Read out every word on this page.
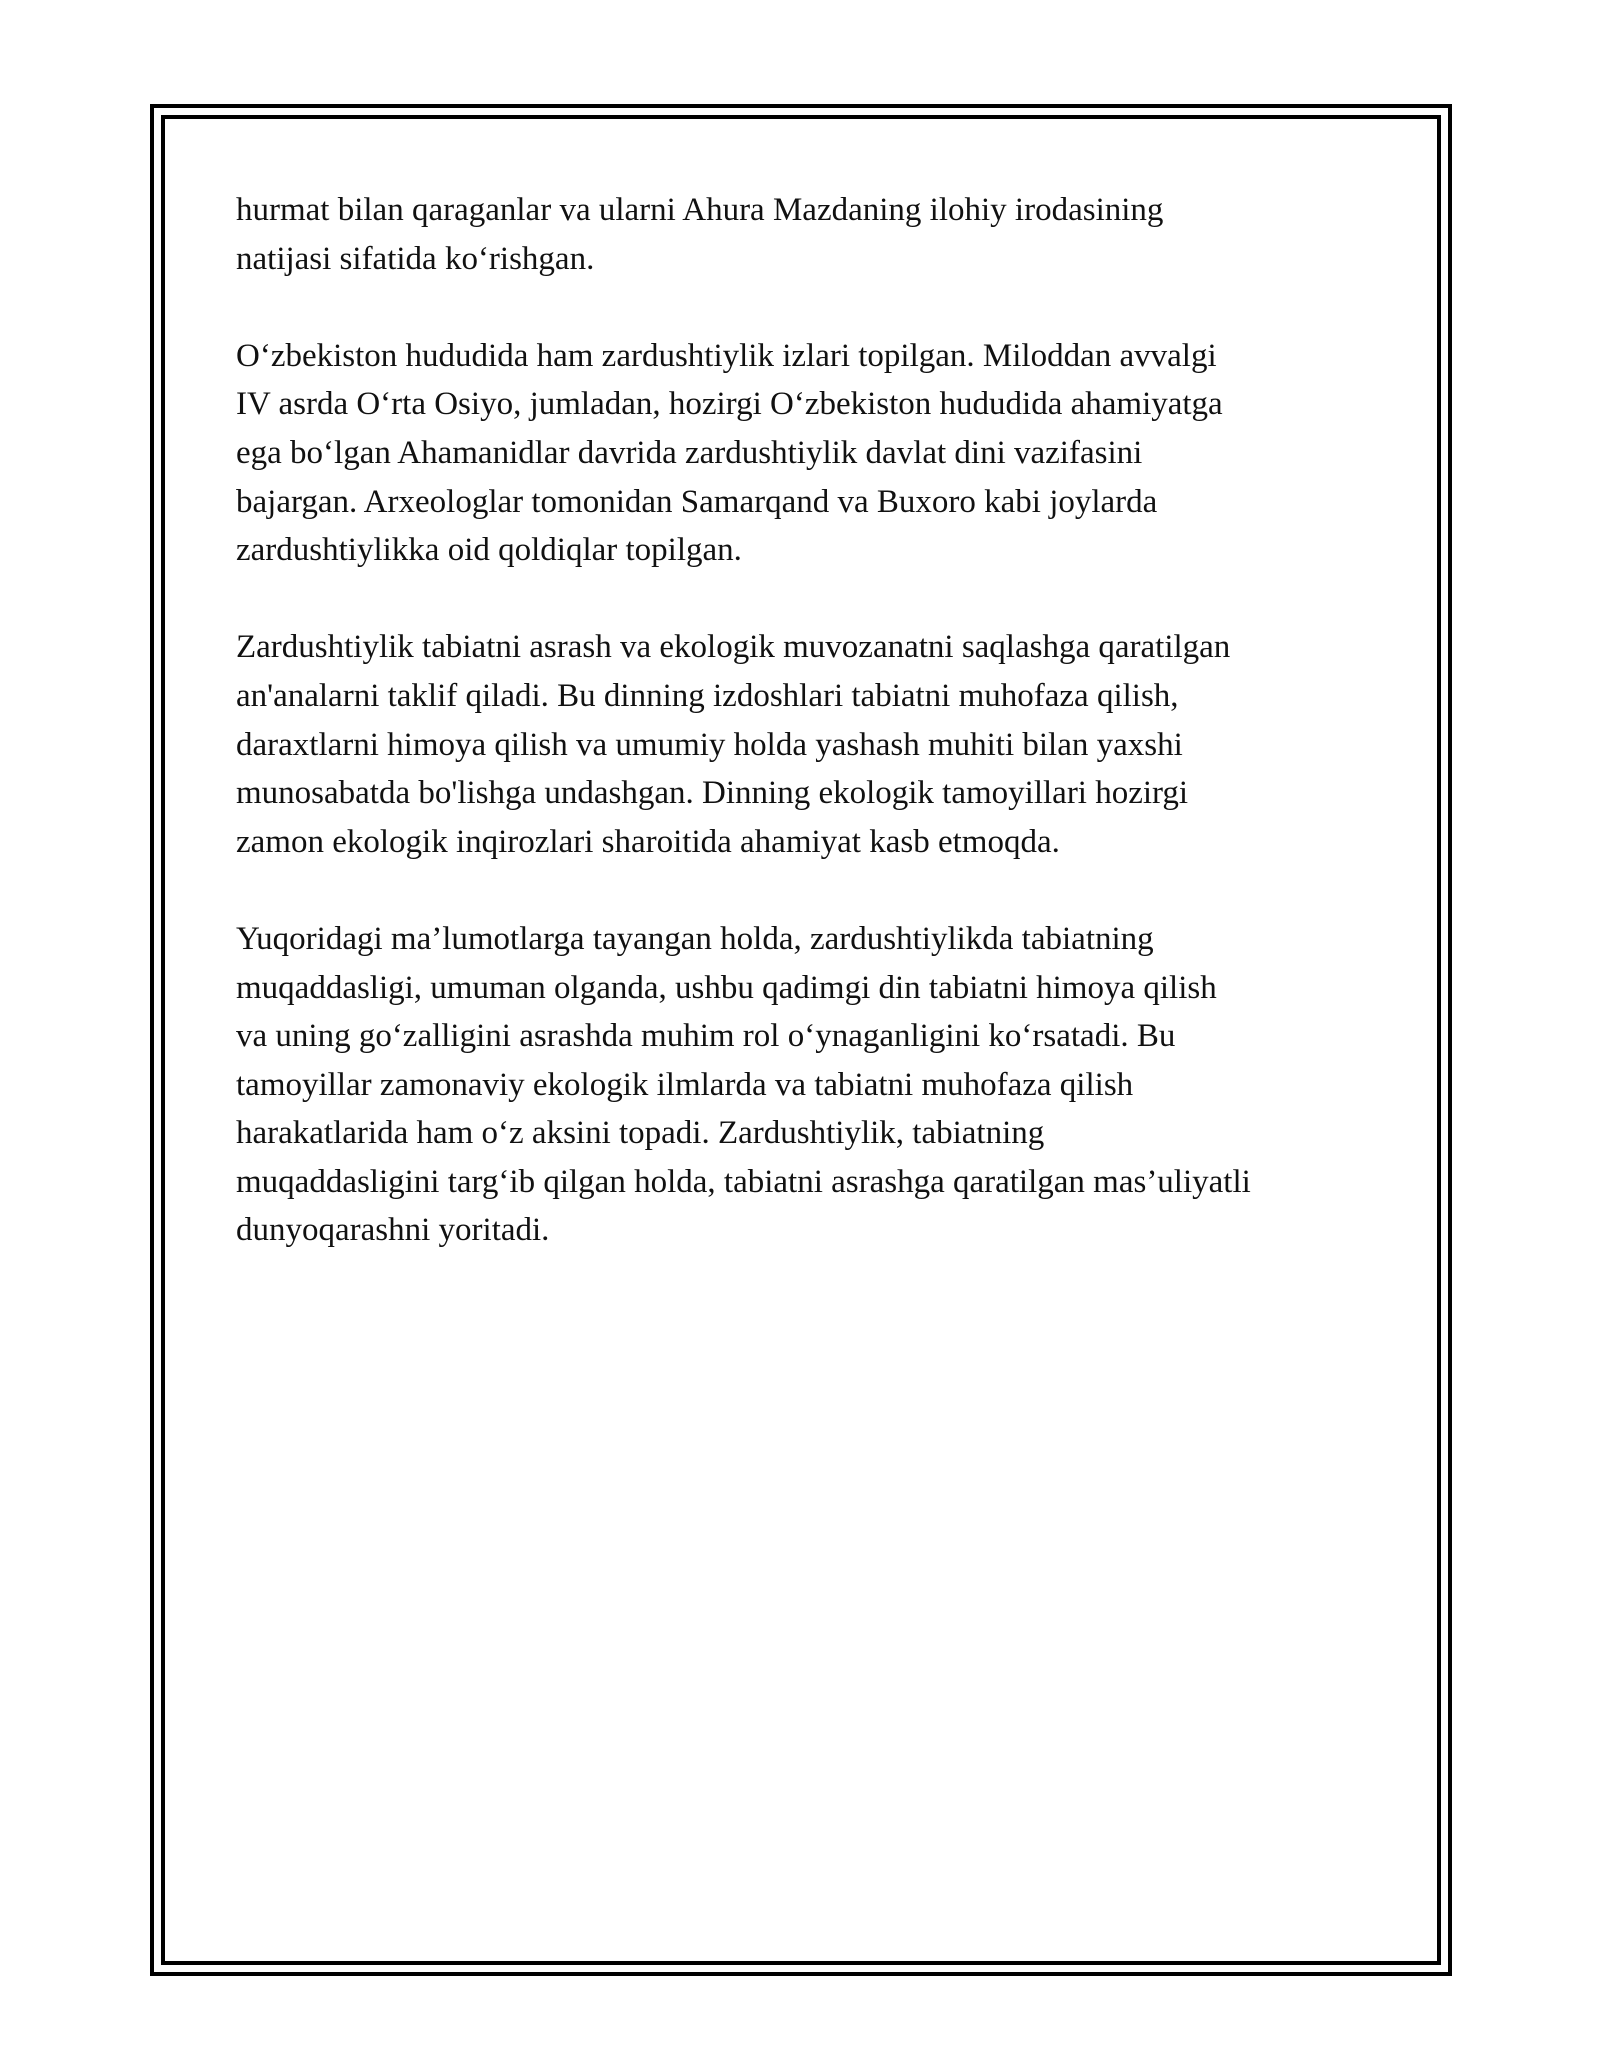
hurmat bilan qaraganlar va ularni Ahura Mazdaning ilohiy irodasining
natijasi sifatida ko‘rishgan.

O‘zbekiston hududida ham zardushtiylik izlari topilgan. Miloddan avvalgi
IV asrda O‘rta Osiyo, jumladan, hozirgi O‘zbekiston hududida ahamiyatga
ega bo‘lgan Ahamanidlar davrida zardushtiylik davlat dini vazifasini
bajargan. Arxeologlar tomonidan Samarqand va Buxoro kabi joylarda
zardushtiylikka oid qoldiqlar topilgan.

Zardushtiylik tabiatni asrash va ekologik muvozanatni saqlashga qaratilgan
an'analarni taklif qiladi. Bu dinning izdoshlari tabiatni muhofaza qilish,
daraxtlarni himoya qilish va umumiy holda yashash muhiti bilan yaxshi
munosabatda bo'lishga undashgan. Dinning ekologik tamoyillari hozirgi
zamon ekologik inqirozlari sharoitida ahamiyat kasb etmoqda.

Yuqoridagi ma’lumotlarga tayangan holda, zardushtiylikda tabiatning
muqaddasligi, umuman olganda, ushbu qadimgi din tabiatni himoya qilish
va uning go‘zalligini asrashda muhim rol o‘ynaganligini ko‘rsatadi. Bu
tamoyillar zamonaviy ekologik ilmlarda va tabiatni muhofaza qilish
harakatlarida ham o‘z aksini topadi. Zardushtiylik, tabiatning
muqaddasligini targ‘ib qilgan holda, tabiatni asrashga qaratilgan mas’uliyatli
dunyoqarashni yoritadi.
